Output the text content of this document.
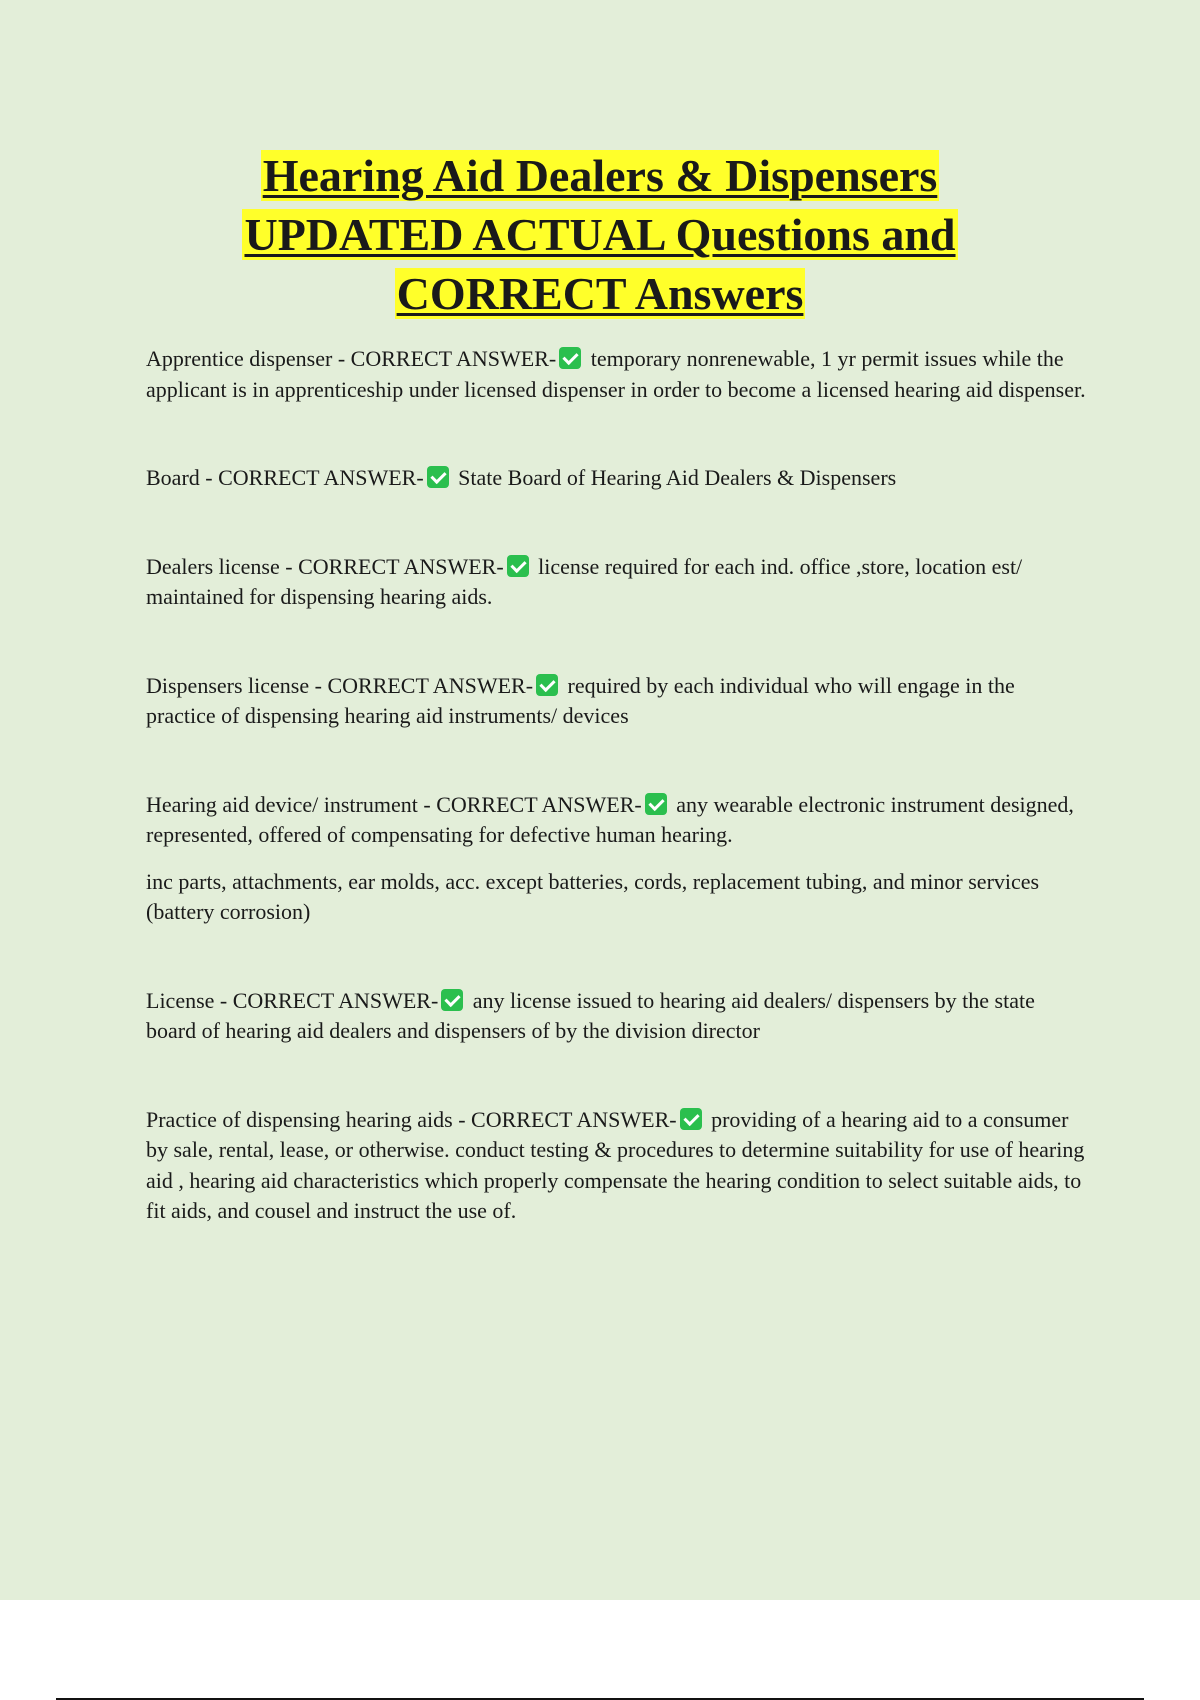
Hearing Aid Dealers & Dispensers
UPDATED ACTUAL Questions and
CORRECT Answers

Apprentice dispenser - CORRECT ANSWER- temporary nonrenewable, 1 yr permit issues while the applicant is in apprenticeship under licensed dispenser in order to become a licensed hearing aid dispenser.

Board - CORRECT ANSWER- State Board of Hearing Aid Dealers & Dispensers

Dealers license - CORRECT ANSWER- license required for each ind. office ,store, location est/ maintained for dispensing hearing aids.

Dispensers license - CORRECT ANSWER- required by each individual who will engage in the practice of dispensing hearing aid instruments/ devices

Hearing aid device/ instrument - CORRECT ANSWER- any wearable electronic instrument designed, represented, offered of compensating for defective human hearing.

inc parts, attachments, ear molds, acc. except batteries, cords, replacement tubing, and minor services (battery corrosion)

License - CORRECT ANSWER- any license issued to hearing aid dealers/ dispensers by the state board of hearing aid dealers and dispensers of by the division director

Practice of dispensing hearing aids - CORRECT ANSWER- providing of a hearing aid to a consumer by sale, rental, lease, or otherwise. conduct testing & procedures to determine suitability for use of hearing aid , hearing aid characteristics which properly compensate the hearing condition to select suitable aids, to fit aids, and cousel and instruct the use of.
